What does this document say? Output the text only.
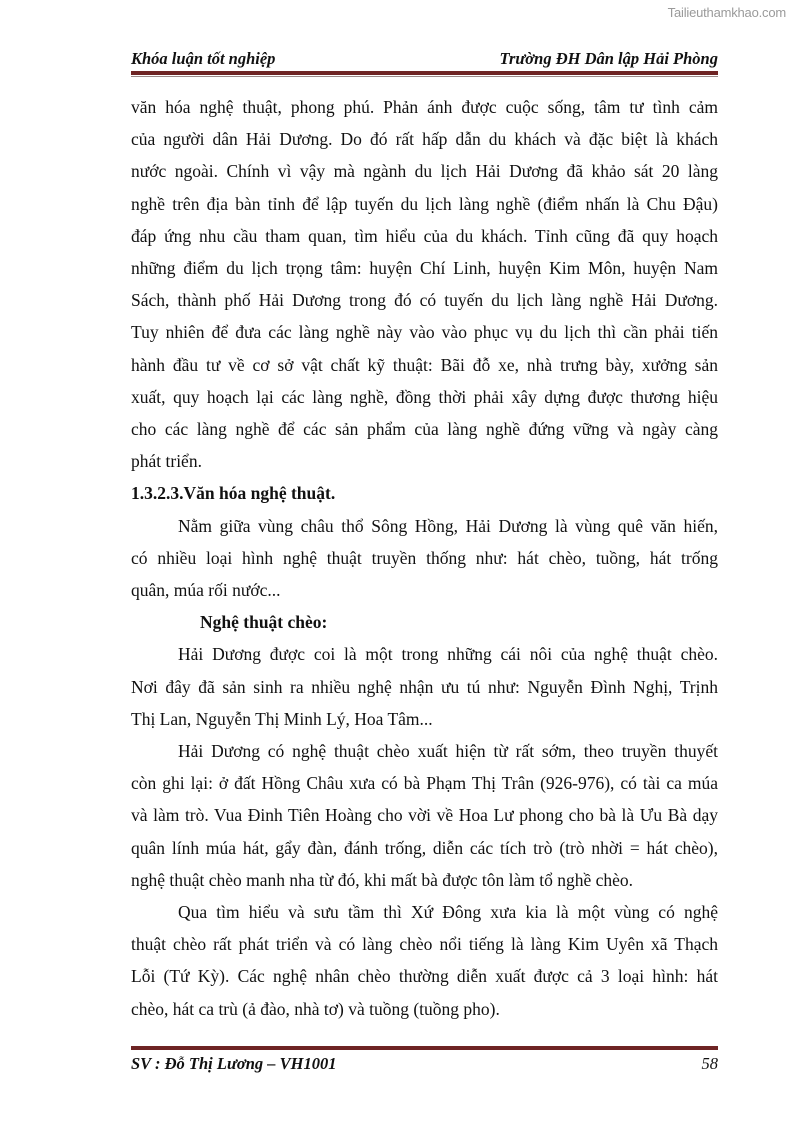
Tailieuthamkhao.com
Khóa luận tốt nghiệp	Trường ĐH Dân lập Hải Phòng
văn hóa nghệ thuật, phong phú. Phản ánh được cuộc sống, tâm tư tình cảm
của người dân Hải Dương. Do đó rất hấp dẫn du khách và đặc biệt là khách
nước ngoài. Chính vì vậy mà ngành du lịch Hải Dương đã khảo sát 20 làng
nghề trên địa bàn tỉnh để lập tuyến du lịch làng nghề (điểm nhấn là Chu Đậu)
đáp ứng nhu cầu tham quan, tìm hiểu của du khách. Tỉnh cũng đã quy hoạch
những điểm du lịch trọng tâm: huyện Chí Linh, huyện Kim Môn, huyện Nam
Sách, thành phố Hải Dương trong đó có tuyến du lịch làng nghề Hải Dương.
Tuy nhiên để đưa các làng nghề này vào vào phục vụ du lịch thì cần phải tiến
hành đầu tư về cơ sở vật chất kỹ thuật: Bãi đỗ xe, nhà trưng bày, xưởng sản
xuất, quy hoạch lại các làng nghề, đồng thời phải xây dựng được thương hiệu
cho các làng nghề để các sản phẩm của làng nghề đứng vững và ngày càng
phát triển.
1.3.2.3.Văn hóa nghệ thuật.
Nằm giữa vùng châu thổ Sông Hồng, Hải Dương là vùng quê văn hiến,
có nhiều loại hình nghệ thuật truyền thống như: hát chèo, tuồng, hát trống
quân, múa rối nước...
Nghệ thuật chèo:
Hải Dương được coi là một trong những cái nôi của nghệ thuật chèo.
Nơi đây đã sản sinh ra nhiều nghệ nhận ưu tú như: Nguyễn Đình Nghị, Trịnh
Thị Lan, Nguyễn Thị Minh Lý, Hoa Tâm...
Hải Dương có nghệ thuật chèo xuất hiện từ rất sớm, theo truyền thuyết
còn ghi lại: ở đất Hồng Châu xưa có bà Phạm Thị Trân (926-976), có tài ca múa
và làm trò. Vua Đinh Tiên Hoàng cho vời về Hoa Lư phong cho bà là Ưu Bà dạy
quân lính múa hát, gẩy đàn, đánh trống, diễn các tích trò (trò nhời = hát chèo),
nghệ thuật chèo manh nha từ đó, khi mất bà được tôn làm tổ nghề chèo.
Qua tìm hiểu và sưu tầm thì Xứ Đông xưa kia là một vùng có nghệ
thuật chèo rất phát triển và có làng chèo nổi tiếng là làng Kim Uyên xã Thạch
Lỗi (Tứ Kỳ). Các nghệ nhân chèo thường diễn xuất được cả 3 loại hình: hát
chèo, hát ca trù (ả đào, nhà tơ) và tuồng (tuồng pho).
SV : Đỗ Thị Lương – VH1001	58
